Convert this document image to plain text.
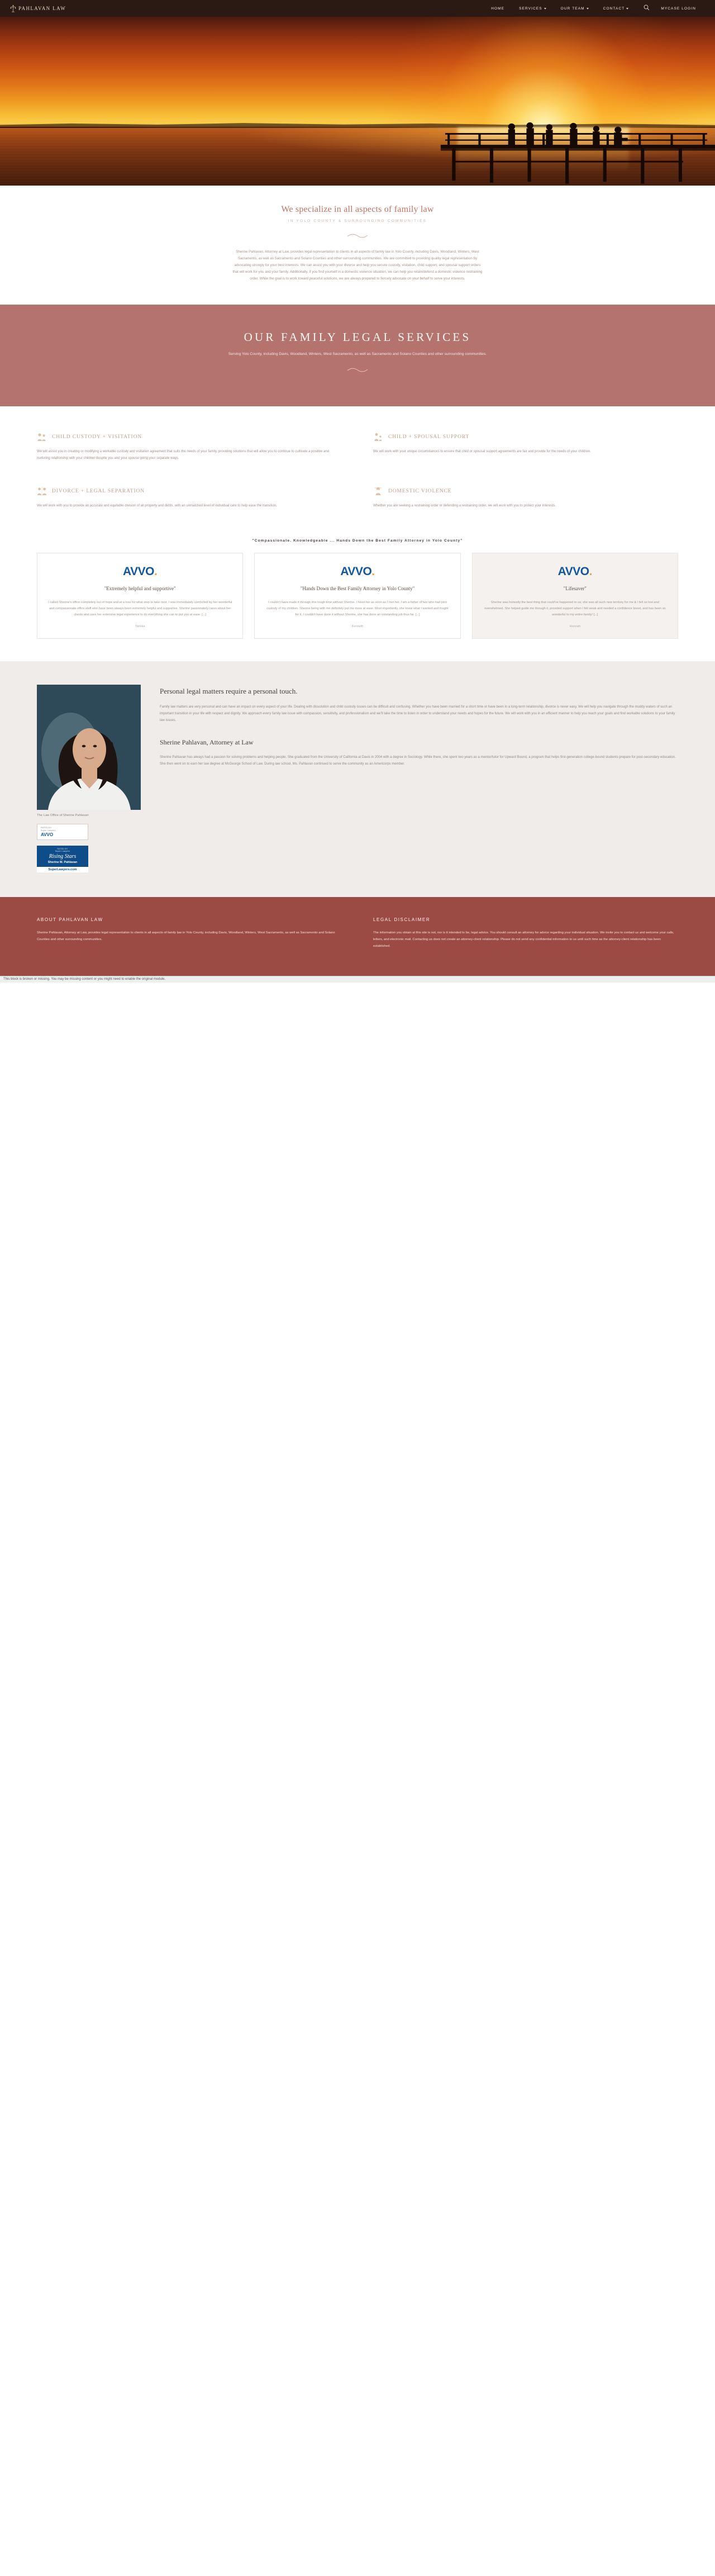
PAHLAVAN LAW	HOME	SERVICES	OUR TEAM	CONTACT	MYCASE LOGIN
We specialize in all aspects of family law
IN YOLO COUNTY & SURROUNDING COMMUNITIES

Sherine Pahlavan, Attorney at Law, provides legal representation to clients in all aspects of family law in Yolo County, including Davis, Woodland, Winters, West Sacramento, as well as Sacramento and Solano Counties and other surrounding communities. We are committed to providing quality legal representation by advocating strongly for your best interests. We can assist you with your divorce and help you secure custody, visitation, child support, and spousal support orders that will work for you and your family. Additionally, if you find yourself in a domestic violence situation, we can help you retain/defend a domestic violence restraining order. While the goal is to work toward peaceful solutions, we are always prepared to fiercely advocate on your behalf to serve your interests.

OUR FAMILY LEGAL SERVICES

Serving Yolo County, including Davis, Woodland, Winters, West Sacramento, as well as Sacramento and Solano Counties and other surrounding communities.

CHILD CUSTODY + VISITATION
We will assist you in creating or modifying a workable custody and visitation agreement that suits the needs of your family, providing solutions that will allow you to continue to cultivate a positive and nurturing relationship with your children despite you and your spouse going your separate ways.
CHILD + SPOUSAL SUPPORT
We will work with your unique circumstances to ensure that child or spousal support agreements are fair and provide for the needs of your children.
DIVORCE + LEGAL SEPARATION
We will work with you to provide an accurate and equitable division of all property and debts, with an unmatched level of individual care to help ease the transition.
DOMESTIC VIOLENCE
Whether you are seeking a restraining order or defending a restraining order, we will work with you to protect your interests.
"Compassionate. Knowledgeable ... Hands Down the Best Family Attorney in Yolo County"
AVVO.
"Extremely helpful and supportive"
I called Sherine's office completely out of hope and at a loss for what step to take next. I was immediately comforted by her wonderful and compassionate office staff who have been always been extremely helpful and supportive. Sherine passionately cares about her clients and uses her extensive legal experience to do everything she can to put you at ease. [...]
Tamika
AVVO.
"Hands Down the Best Family Attorney in Yolo County"
I couldn't have made it through this tough time without Sherine. I hired her as soon as I met her. I am a father of two who had joint custody of my children. Sherine being with me definitely put me more at ease. Most importantly, she knew what I wanted and fought for it. I couldn't have done it without Sherine, she has done an outstanding job thus far. [...]
Kenneth
AVVO.
"Lifesaver"
Sherine was honestly the best thing that could've happened to us; she was all such new territory for me & I felt so lost and overwhelmed. She helped guide me through it, provided support when I felt weak and needed a confidence boost, and has been so wonderful to my entire family! [...]
Hannah
The Law Office of Sherine Pahlavan
RATED BY
Super Lawyers
AVVO
RATED BY
Super Lawyers
Rising Stars
Sherine M. Pahlavan
SuperLawyers.com
Personal legal matters require a personal touch.

Family law matters are very personal and can have an impact on every aspect of your life. Dealing with dissolution and child custody issues can be difficult and confusing. Whether you have been married for a short time or have been in a long-term relationship, divorce is never easy. We will help you navigate through the muddy waters of such an important transition in your life with respect and dignity. We approach every family law issue with compassion, sensitivity, and professionalism and we'll take the time to listen in order to understand your needs and hopes for the future. We will work with you in an efficient manner to help you reach your goals and find workable solutions to your family law issues.

Sherine Pahlavan, Attorney at Law

Sherine Pahlavan has always had a passion for solving problems and helping people. She graduated from the University of California at Davis in 2004 with a degree in Sociology. While there, she spent two years as a mentor/tutor for Upward Bound, a program that helps first-generation college-bound students prepare for post-secondary education. She then went on to earn her law degree at McGeorge School of Law. During law school, Ms. Pahlavan continued to serve the community as an Americorps member.

ABOUT PAHLAVAN LAW

Sherine Pahlavan, Attorney at Law, provides legal representation to clients in all aspects of family law in Yolo County, including Davis, Woodland, Winters, West Sacramento, as well as Sacramento and Solano Counties and other surrounding communities.

LEGAL DISCLAIMER

The information you obtain at this site is not, nor is it intended to be, legal advice. You should consult an attorney for advice regarding your individual situation. We invite you to contact us and welcome your calls, letters, and electronic mail. Contacting us does not create an attorney-client relationship. Please do not send any confidential information to us until such time as the attorney-client relationship has been established.

This block is broken or missing. You may be missing content or you might need to enable the original module.
